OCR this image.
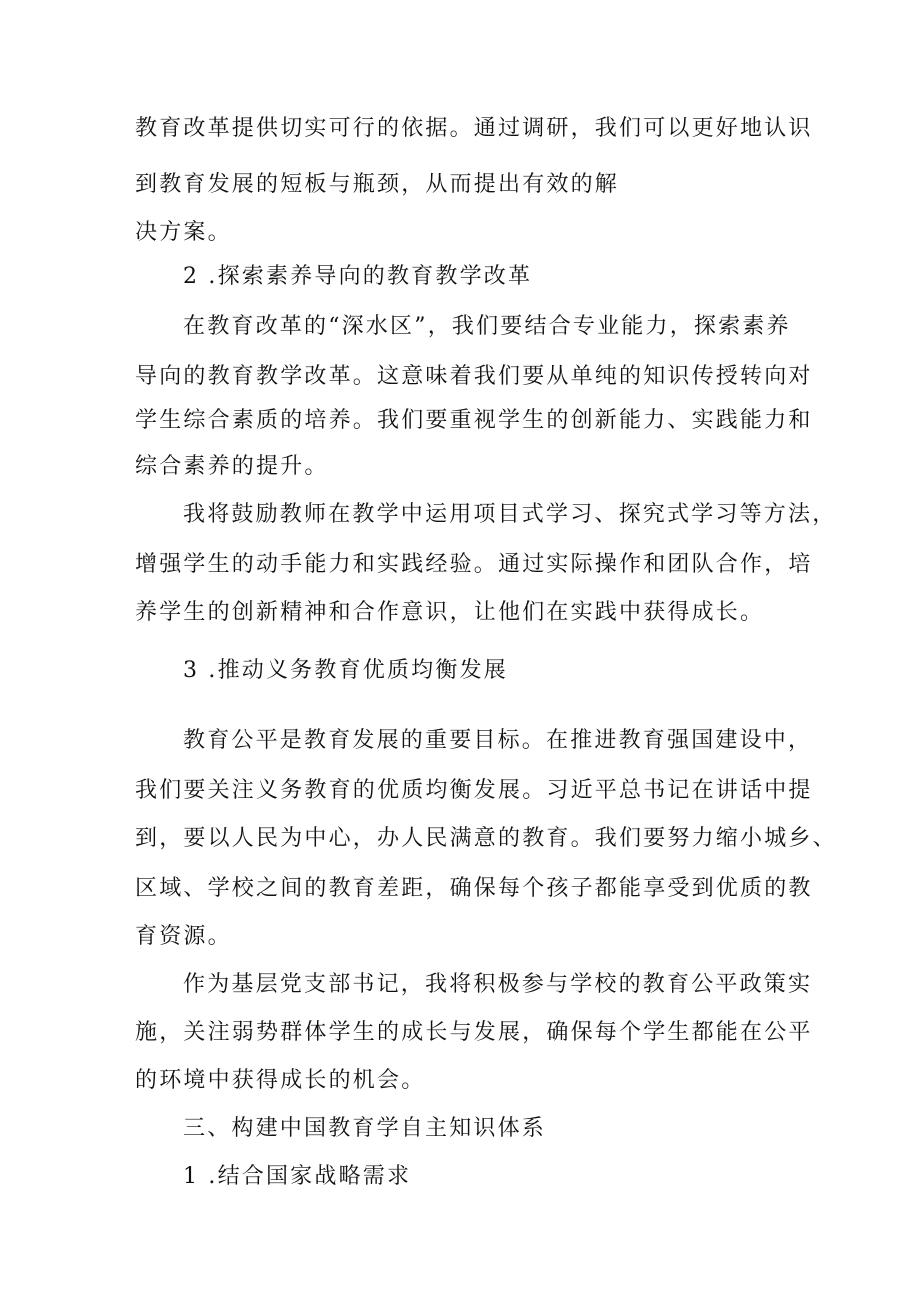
教育改革提供切实可行的依据。通过调研，我们可以更好地认识
到教育发展的短板与瓶颈，从而提出有效的解
决方案。
2 .探索素养导向的教育教学改革
在教育改革的“深水区”，我们要结合专业能力，探索素养
导向的教育教学改革。这意味着我们要从单纯的知识传授转向对
学生综合素质的培养。我们要重视学生的创新能力、实践能力和
综合素养的提升。
我将鼓励教师在教学中运用项目式学习、探究式学习等方法，
增强学生的动手能力和实践经验。通过实际操作和团队合作，培
养学生的创新精神和合作意识，让他们在实践中获得成长。
3 .推动义务教育优质均衡发展
教育公平是教育发展的重要目标。在推进教育强国建设中，
我们要关注义务教育的优质均衡发展。习近平总书记在讲话中提
到，要以人民为中心，办人民满意的教育。我们要努力缩小城乡、
区域、学校之间的教育差距，确保每个孩子都能享受到优质的教
育资源。
作为基层党支部书记，我将积极参与学校的教育公平政策实
施，关注弱势群体学生的成长与发展，确保每个学生都能在公平
的环境中获得成长的机会。
三、构建中国教育学自主知识体系
1 .结合国家战略需求
